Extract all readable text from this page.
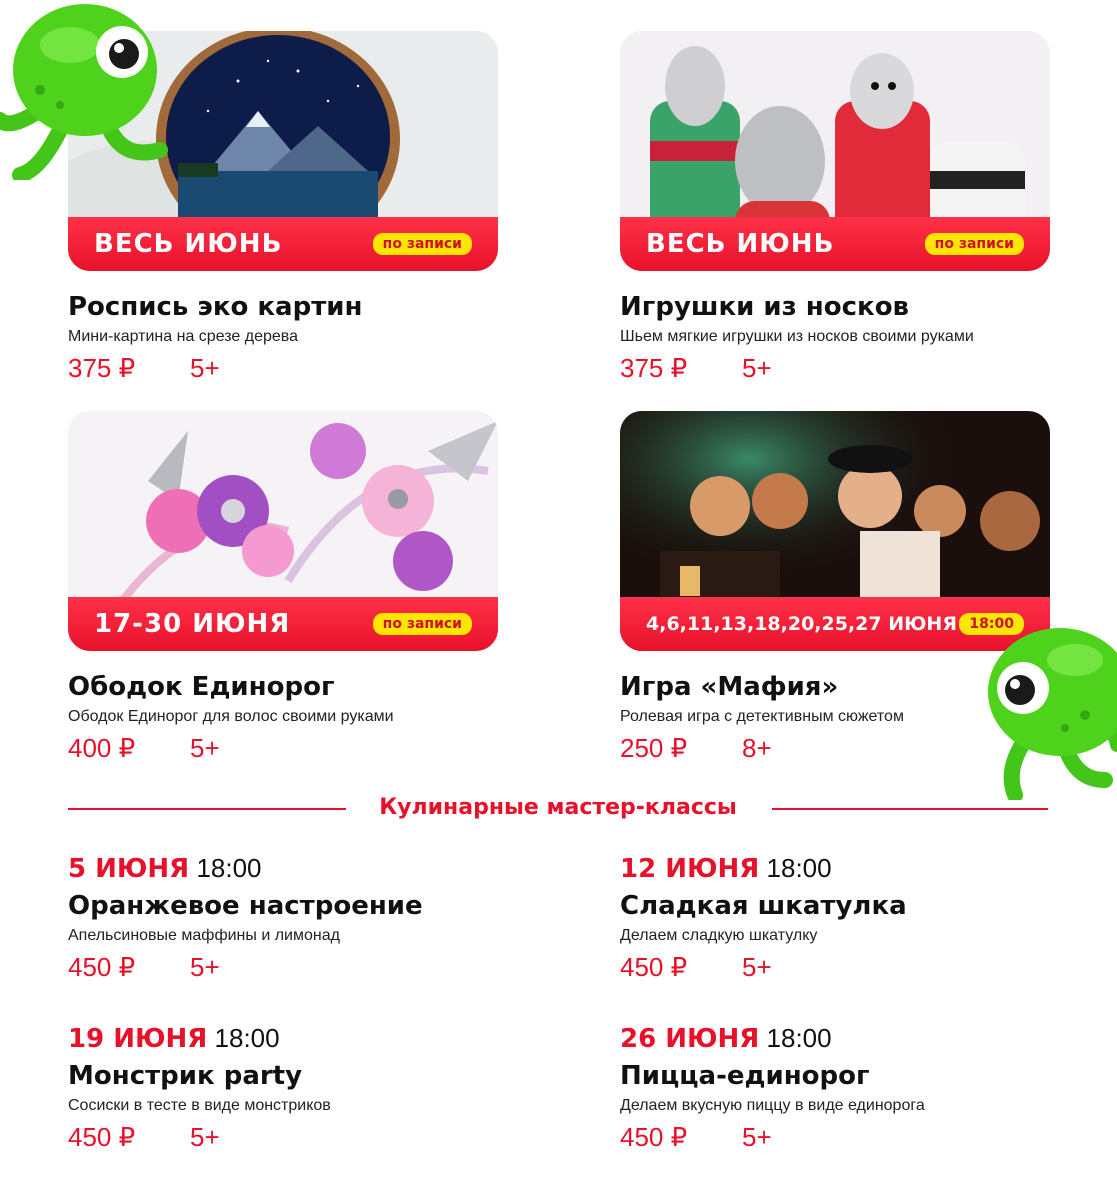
ВЕСЬ ИЮНЬ	по записи
Роспись эко картин
Мини-картина на срезе дерева
375 ₽	5+
ВЕСЬ ИЮНЬ	по записи
Игрушки из носков
Шьем мягкие игрушки из носков своими руками
375 ₽	5+
17-30 ИЮНЯ	по записи
Ободок Единорог
Ободок Единорог для волос своими руками
400 ₽	5+
4,6,11,13,18,20,25,27 ИЮНЯ 18:00
Игра «Мафия»
Ролевая игра с детективным сюжетом
250 ₽	8+
Кулинарные мастер-классы
5 ИЮНЯ 18:00
Оранжевое настроение
Апельсиновые маффины и лимонад
450 ₽	5+
12 ИЮНЯ 18:00
Сладкая шкатулка
Делаем сладкую шкатулку
450 ₽	5+
19 ИЮНЯ 18:00
Монстрик party
Сосиски в тесте в виде монстриков
450 ₽	5+
26 ИЮНЯ 18:00
Пицца-единорог
Делаем вкусную пиццу в виде единорога
450 ₽	5+
